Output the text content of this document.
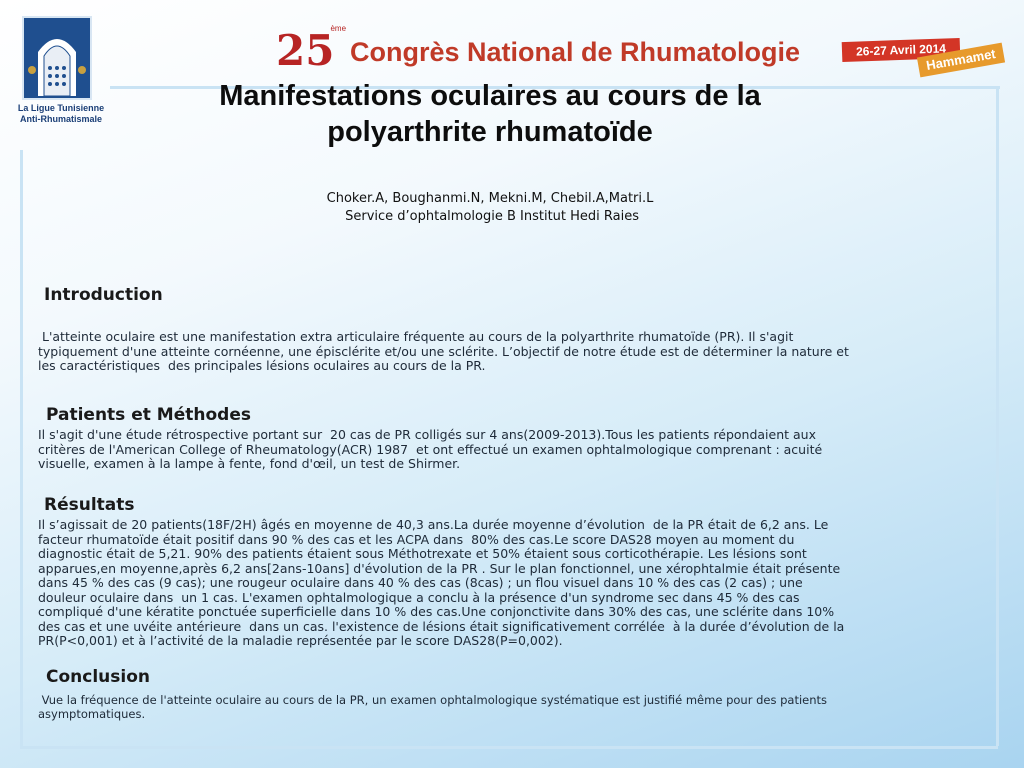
La Ligue Tunisienne
Anti-Rhumatismale
25
ème
Congrès National de Rhumatologie	26-27 Avril 2014
Hammamet
Manifestations oculaires au cours de la
polyarthrite rhumatoïde
Choker.A, Boughanmi.N, Mekni.M, Chebil.A,Matri.L
Service d’ophtalmologie B Institut Hedi Raies
Introduction
L'atteinte oculaire est une manifestation extra articulaire fréquente au cours de la polyarthrite rhumatoïde (PR). Il s'agit
typiquement d'une atteinte cornéenne, une épisclérite et/ou une sclérite. L’objectif de notre étude est de déterminer la nature et
les caractéristiques  des principales lésions oculaires au cours de la PR.
Patients et Méthodes
Il s'agit d'une étude rétrospective portant sur  20 cas de PR colligés sur 4 ans(2009-2013).Tous les patients répondaient aux
critères de l'American College of Rheumatology(ACR) 1987  et ont effectué un examen ophtalmologique comprenant : acuité
visuelle, examen à la lampe à fente, fond d'œil, un test de Shirmer.
Résultats
Il s’agissait de 20 patients(18F/2H) âgés en moyenne de 40,3 ans.La durée moyenne d’évolution  de la PR était de 6,2 ans. Le
facteur rhumatoïde était positif dans 90 % des cas et les ACPA dans  80% des cas.Le score DAS28 moyen au moment du
diagnostic était de 5,21. 90% des patients étaient sous Méthotrexate et 50% étaient sous corticothérapie. Les lésions sont
apparues,en moyenne,après 6,2 ans[2ans-10ans] d'évolution de la PR . Sur le plan fonctionnel, une xérophtalmie était présente
dans 45 % des cas (9 cas); une rougeur oculaire dans 40 % des cas (8cas) ; un flou visuel dans 10 % des cas (2 cas) ; une
douleur oculaire dans  un 1 cas. L'examen ophtalmologique a conclu à la présence d'un syndrome sec dans 45 % des cas
compliqué d'une kératite ponctuée superficielle dans 10 % des cas.Une conjonctivite dans 30% des cas, une sclérite dans 10%
des cas et une uvéite antérieure  dans un cas. l'existence de lésions était significativement corrélée  à la durée d’évolution de la
PR(P<0,001) et à l’activité de la maladie représentée par le score DAS28(P=0,002).
Conclusion
Vue la fréquence de l'atteinte oculaire au cours de la PR, un examen ophtalmologique systématique est justifié même pour des patients
asymptomatiques.
